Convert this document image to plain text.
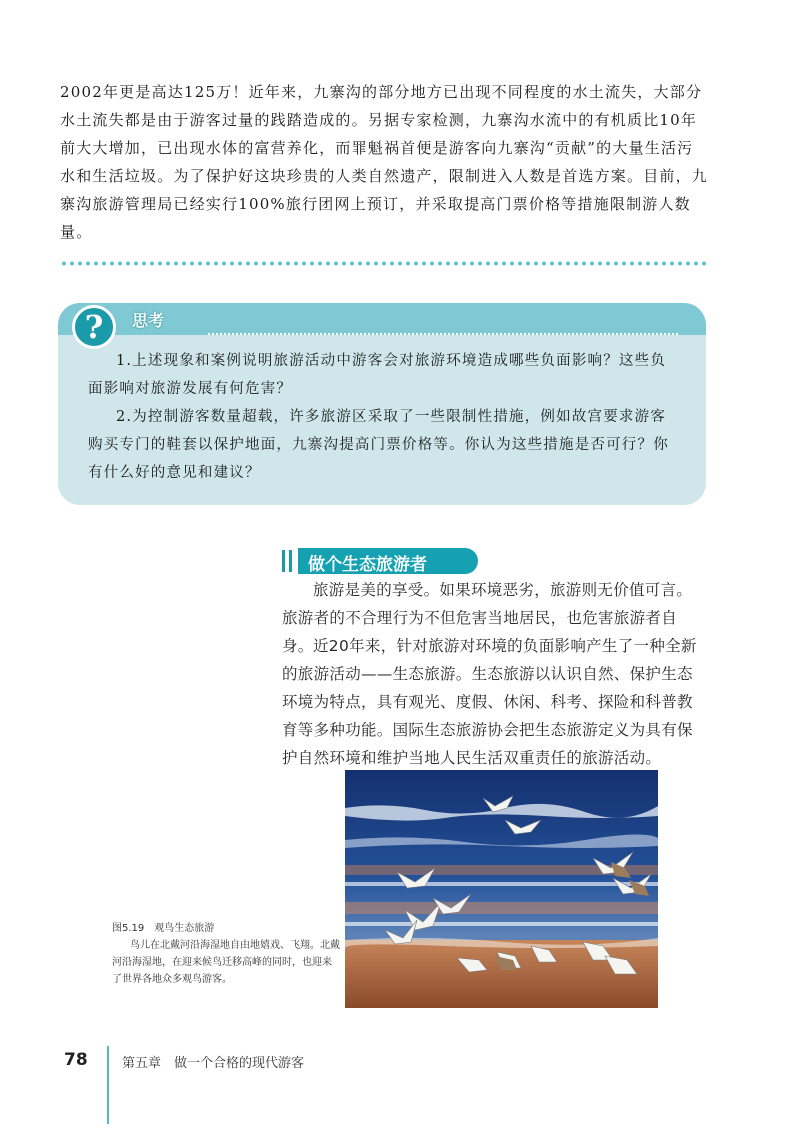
2002年更是高达125万！近年来，九寨沟的部分地方已出现不同程度的水土流失，大部分水土流失都是由于游客过量的践踏造成的。另据专家检测，九寨沟水流中的有机质比10年前大大增加，已出现水体的富营养化，而罪魁祸首便是游客向九寨沟“贡献”的大量生活污水和生活垃圾。为了保护好这块珍贵的人类自然遗产，限制进入人数是首选方案。目前，九寨沟旅游管理局已经实行100%旅行团网上预订，并采取提高门票价格等措施限制游人数量。

?	思考

1.上述现象和案例说明旅游活动中游客会对旅游环境造成哪些负面影响？这些负面影响对旅游发展有何危害？

2.为控制游客数量超载，许多旅游区采取了一些限制性措施，例如故宫要求游客购买专门的鞋套以保护地面，九寨沟提高门票价格等。你认为这些措施是否可行？你有什么好的意见和建议？

做个生态旅游者

旅游是美的享受。如果环境恶劣，旅游则无价值可言。旅游者的不合理行为不但危害当地居民，也危害旅游者自身。 近20年来，针对旅游对环境的负面影响产生了一种全新的旅游活动——生态旅游。生态旅游以认识自然、保护生态环境为特点，具有观光、度假、休闲、科考、探险和科普教育等多种功能。国际生态旅游协会把生态旅游定义为具有保护自然环境和维护当地人民生活双重责任的旅游活动。

图5.19　观鸟生态旅游

鸟儿在北戴河沿海湿地自由地嬉戏、飞翔。北戴河沿海湿地，在迎来候鸟迁移高峰的同时，也迎来了世界各地众多观鸟游客。

78	第五章　做一个合格的现代游客
